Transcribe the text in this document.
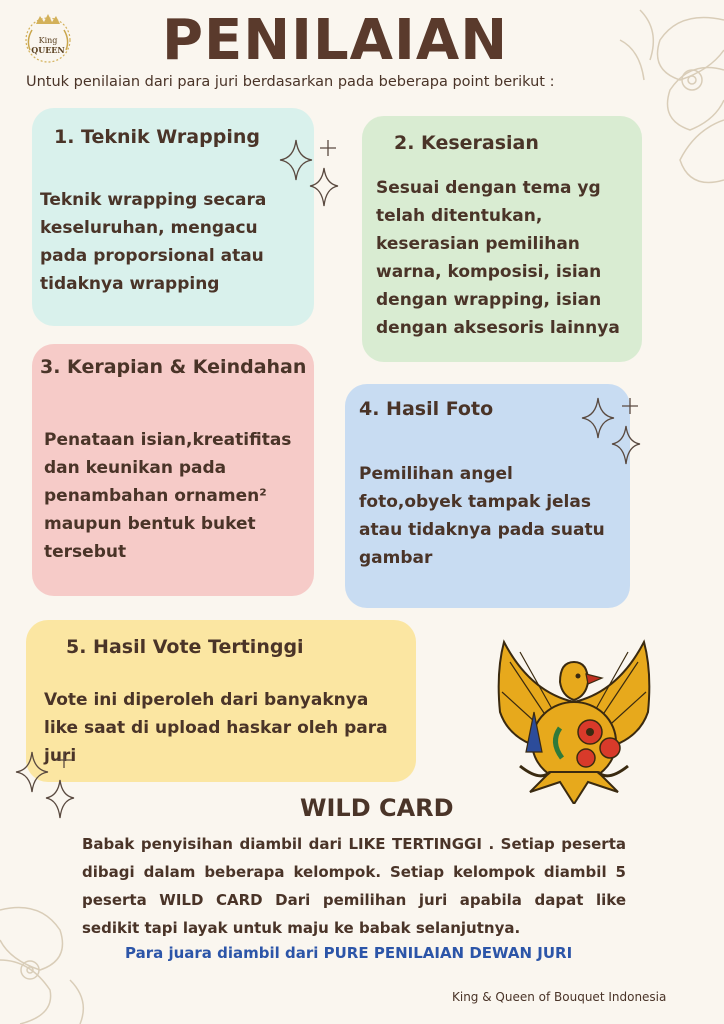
King
QUEEN PENILAIAN
Untuk penilaian dari para juri berdasarkan pada beberapa point berikut :
1. Teknik Wrapping

Teknik wrapping secara keseluruhan, mengacu pada proporsional atau tidaknya wrapping

2. Keserasian

Sesuai dengan tema yg telah ditentukan, keserasian pemilihan warna, komposisi, isian dengan wrapping, isian dengan aksesoris lainnya

3. Kerapian & Keindahan

Penataan isian,kreatifitas dan keunikan pada penambahan ornamen² maupun bentuk buket tersebut

4. Hasil Foto

Pemilihan angel foto,obyek tampak jelas atau tidaknya pada suatu gambar

5. Hasil Vote Tertinggi

Vote ini diperoleh dari banyaknya like saat di upload haskar oleh para juri

WILD CARD

Babak penyisihan diambil dari LIKE TERTINGGI . Setiap peserta dibagi dalam beberapa kelompok. Setiap kelompok diambil 5 peserta WILD CARD Dari pemilihan juri apabila dapat like sedikit tapi layak untuk maju ke babak selanjutnya.

Para juara diambil dari PURE PENILAIAN DEWAN JURI
King & Queen of Bouquet Indonesia
